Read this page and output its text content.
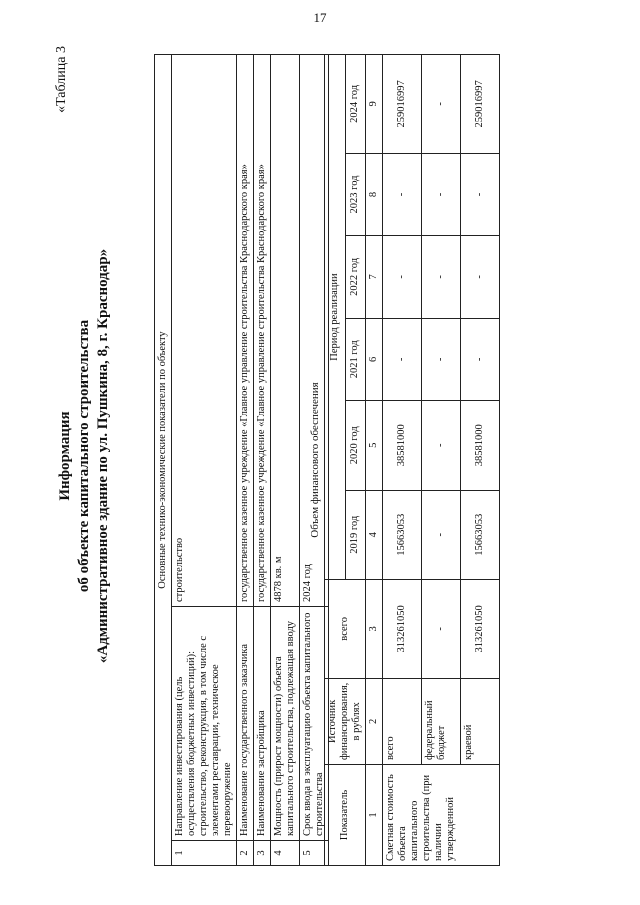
17
«Таблица 3
Информация об объекте капитального строительства «Административное здание по ул. Пушкина, 8, г. Краснодар»	Основные технико-экономические показатели по объекту		
1	Направление инвестирования (цель осуществления бюджетных инвестиций): строительство, реконструкция, в том числе с элементами реставрации, техническое перевооружение	строительство
2	Наименование государственного заказчика	государственное казенное учреждение «Главное управление строительства Краснодарского края»
3	Наименование застройщика	государственное казенное учреждение «Главное управление строительства Краснодарского края»
4	Мощность (прирост мощности) объекта капитального строительства, подлежащая вводу	4878 кв. м
5	Срок ввода в эксплуатацию объекта капитального строительства	2024 год
Объем финансового обеспечения
Показатель	Источник финансирования, в рублях	всего	Период реализации					
			2019 год	2020 год	2021 год	2022 год	2023 год	2024 год
1	2	3	4	5	6	7	8	9
Сметная стоимость объекта капитального строительства (при наличии утвержденной	всего	313261050	15663053	38581000	-	-	-	259016997
	федеральный бюджет	-	-	-	-	-	-	-
	краевой	313261050	15663053	38581000	-	-	-	259016997
